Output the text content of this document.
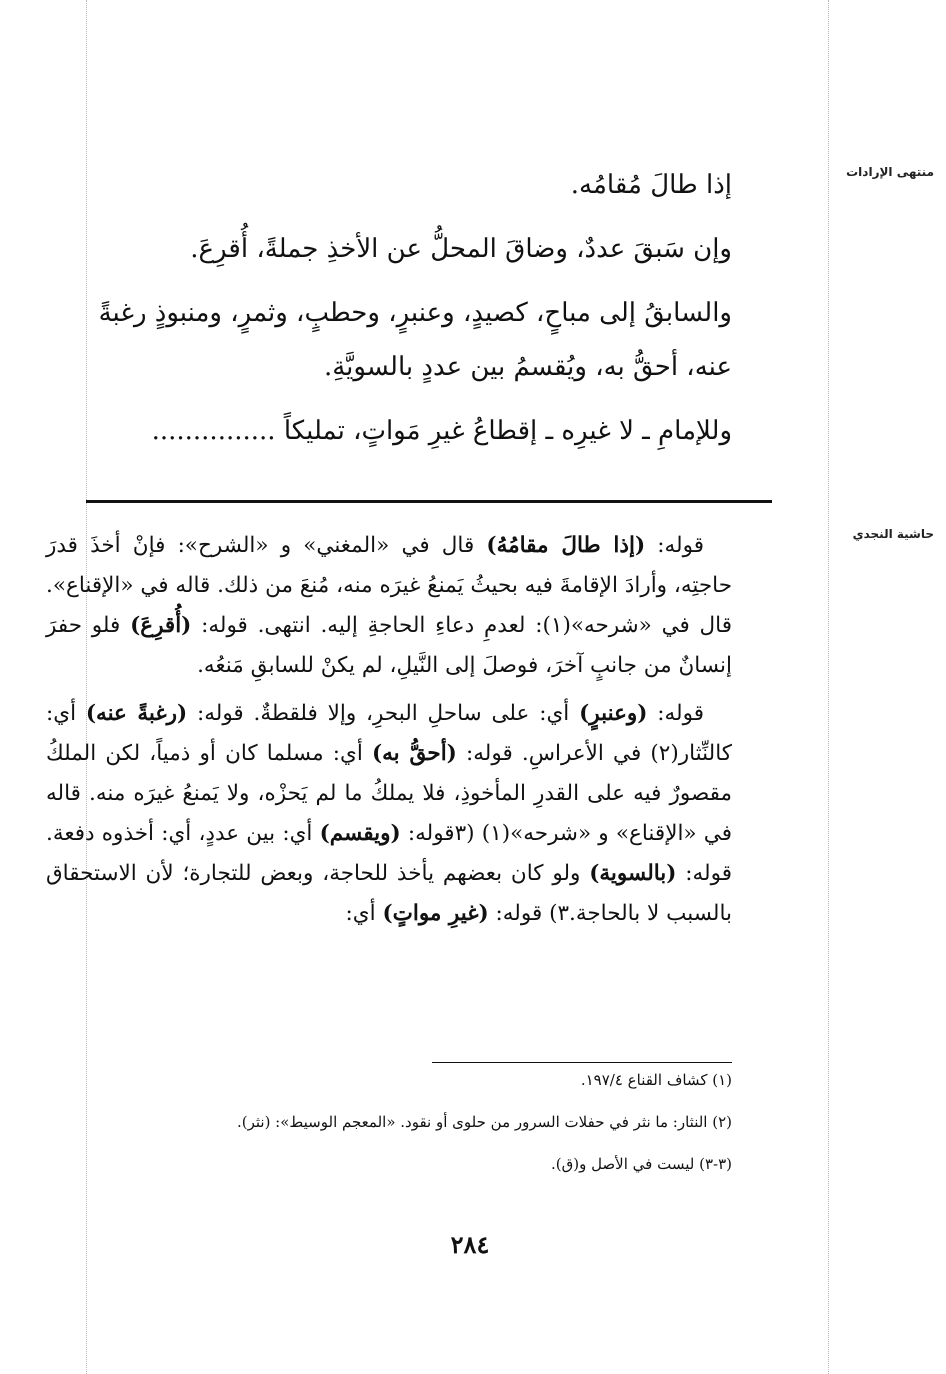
منتهى الإرادات
حاشية النجدي

إذا طالَ مُقامُه.

وإن سَبقَ عددٌ، وضاقَ المحلُّ عن الأخذِ جملةً، أُقرِعَ.

والسابقُ إلى مباحٍ، كصيدٍ، وعنبرٍ، وحطبٍ، وثمرٍ، ومنبوذٍ رغبةً عنه، أحقُّ به، ويُقسمُ بين عددٍ بالسويَّةِ.

وللإمامِ ـ لا غيرِه ـ إقطاعُ غيرِ مَواتٍ، تمليكاً ...............

قوله: (إذا طالَ مقامُهُ) قال في «المغني» و «الشرح»: فإنْ أخذَ قدرَ حاجتِه، وأرادَ الإقامةَ فيه بحيثُ يَمنعُ غيرَه منه، مُنعَ من ذلك. قاله في «الإقناع». قال في «شرحه»(١): لعدمِ دعاءِ الحاجةِ إليه. انتهى. قوله: (أُقرِعَ) فلو حفرَ إنسانٌ من جانبٍ آخرَ، فوصلَ إلى النَّيلِ، لم يكنْ للسابقِ مَنعُه.

قوله: (وعنبرٍ) أي: على ساحلِ البحرِ، وإلا فلقطةٌ. قوله: (رغبةً عنه) أي: كالنِّثار(٢) في الأعراسِ. قوله: (أحقُّ به) أي: مسلما كان أو ذمياً، لكن الملكُ مقصورٌ فيه على القدرِ المأخوذِ، فلا يملكُ ما لم يَحزْه، ولا يَمنعُ غيرَه منه. قاله في «الإقناع» و «شرحه»(١) (٣قوله: (ويقسم) أي: بين عددٍ، أي: أخذوه دفعة. قوله: (بالسوية) ولو كان بعضهم يأخذ للحاجة، وبعض للتجارة؛ لأن الاستحقاق بالسبب لا بالحاجة.٣) قوله: (غيرِ مواتٍ) أي:

(١) كشاف القناع ١٩٧/٤.
(٢) النثار: ما نثر في حفلات السرور من حلوى أو نقود. «المعجم الوسيط»: (نثر).
(٣-٣) ليست في الأصل و(ق).
٢٨٤
